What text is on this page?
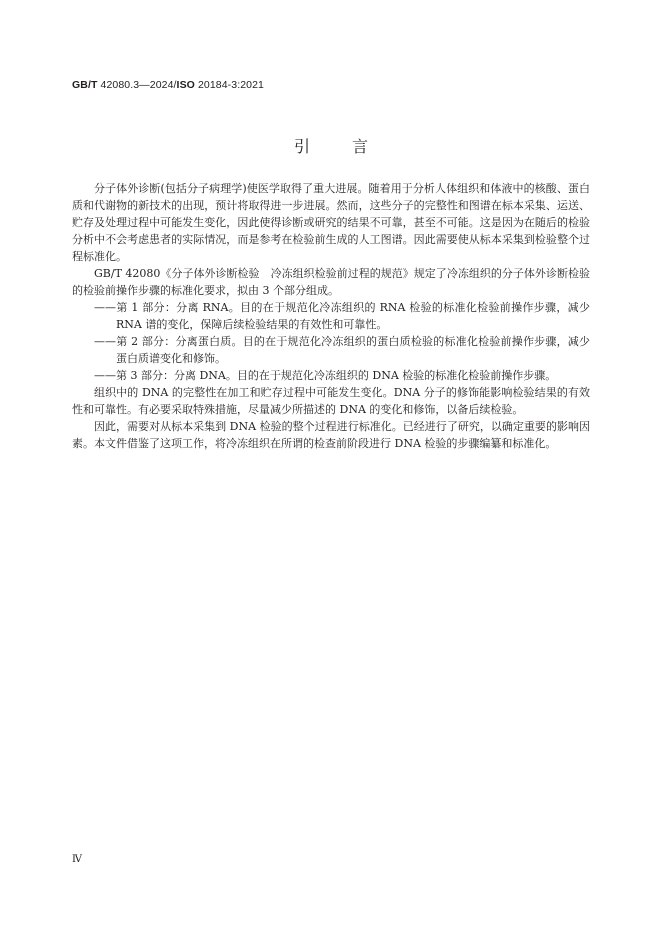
GB/T 42080.3—2024/ISO 20184-3:2021
引	言

分子体外诊断(包括分子病理学)使医学取得了重大进展。随着用于分析人体组织和体液中的核酸、蛋白质和代谢物的新技术的出现，预计将取得进一步进展。然而，这些分子的完整性和图谱在标本采集、运送、贮存及处理过程中可能发生变化，因此使得诊断或研究的结果不可靠，甚至不可能。这是因为在随后的检验分析中不会考虑患者的实际情况，而是参考在检验前生成的人工图谱。因此需要使从标本采集到检验整个过程标准化。

GB/T 42080《分子体外诊断检验　冷冻组织检验前过程的规范》规定了冷冻组织的分子体外诊断检验的检验前操作步骤的标准化要求，拟由 3 个部分组成。

——第 1 部分：分离 RNA。目的在于规范化冷冻组织的 RNA 检验的标准化检验前操作步骤，减少 RNA 谱的变化，保障后续检验结果的有效性和可靠性。

——第 2 部分：分离蛋白质。目的在于规范化冷冻组织的蛋白质检验的标准化检验前操作步骤，减少蛋白质谱变化和修饰。

——第 3 部分：分离 DNA。目的在于规范化冷冻组织的 DNA 检验的标准化检验前操作步骤。

组织中的 DNA 的完整性在加工和贮存过程中可能发生变化。DNA 分子的修饰能影响检验结果的有效性和可靠性。有必要采取特殊措施，尽量减少所描述的 DNA 的变化和修饰，以备后续检验。

因此，需要对从标本采集到 DNA 检验的整个过程进行标准化。已经进行了研究，以确定重要的影响因素。本文件借鉴了这项工作，将冷冻组织在所谓的检查前阶段进行 DNA 检验的步骤编纂和标准化。

Ⅳ
